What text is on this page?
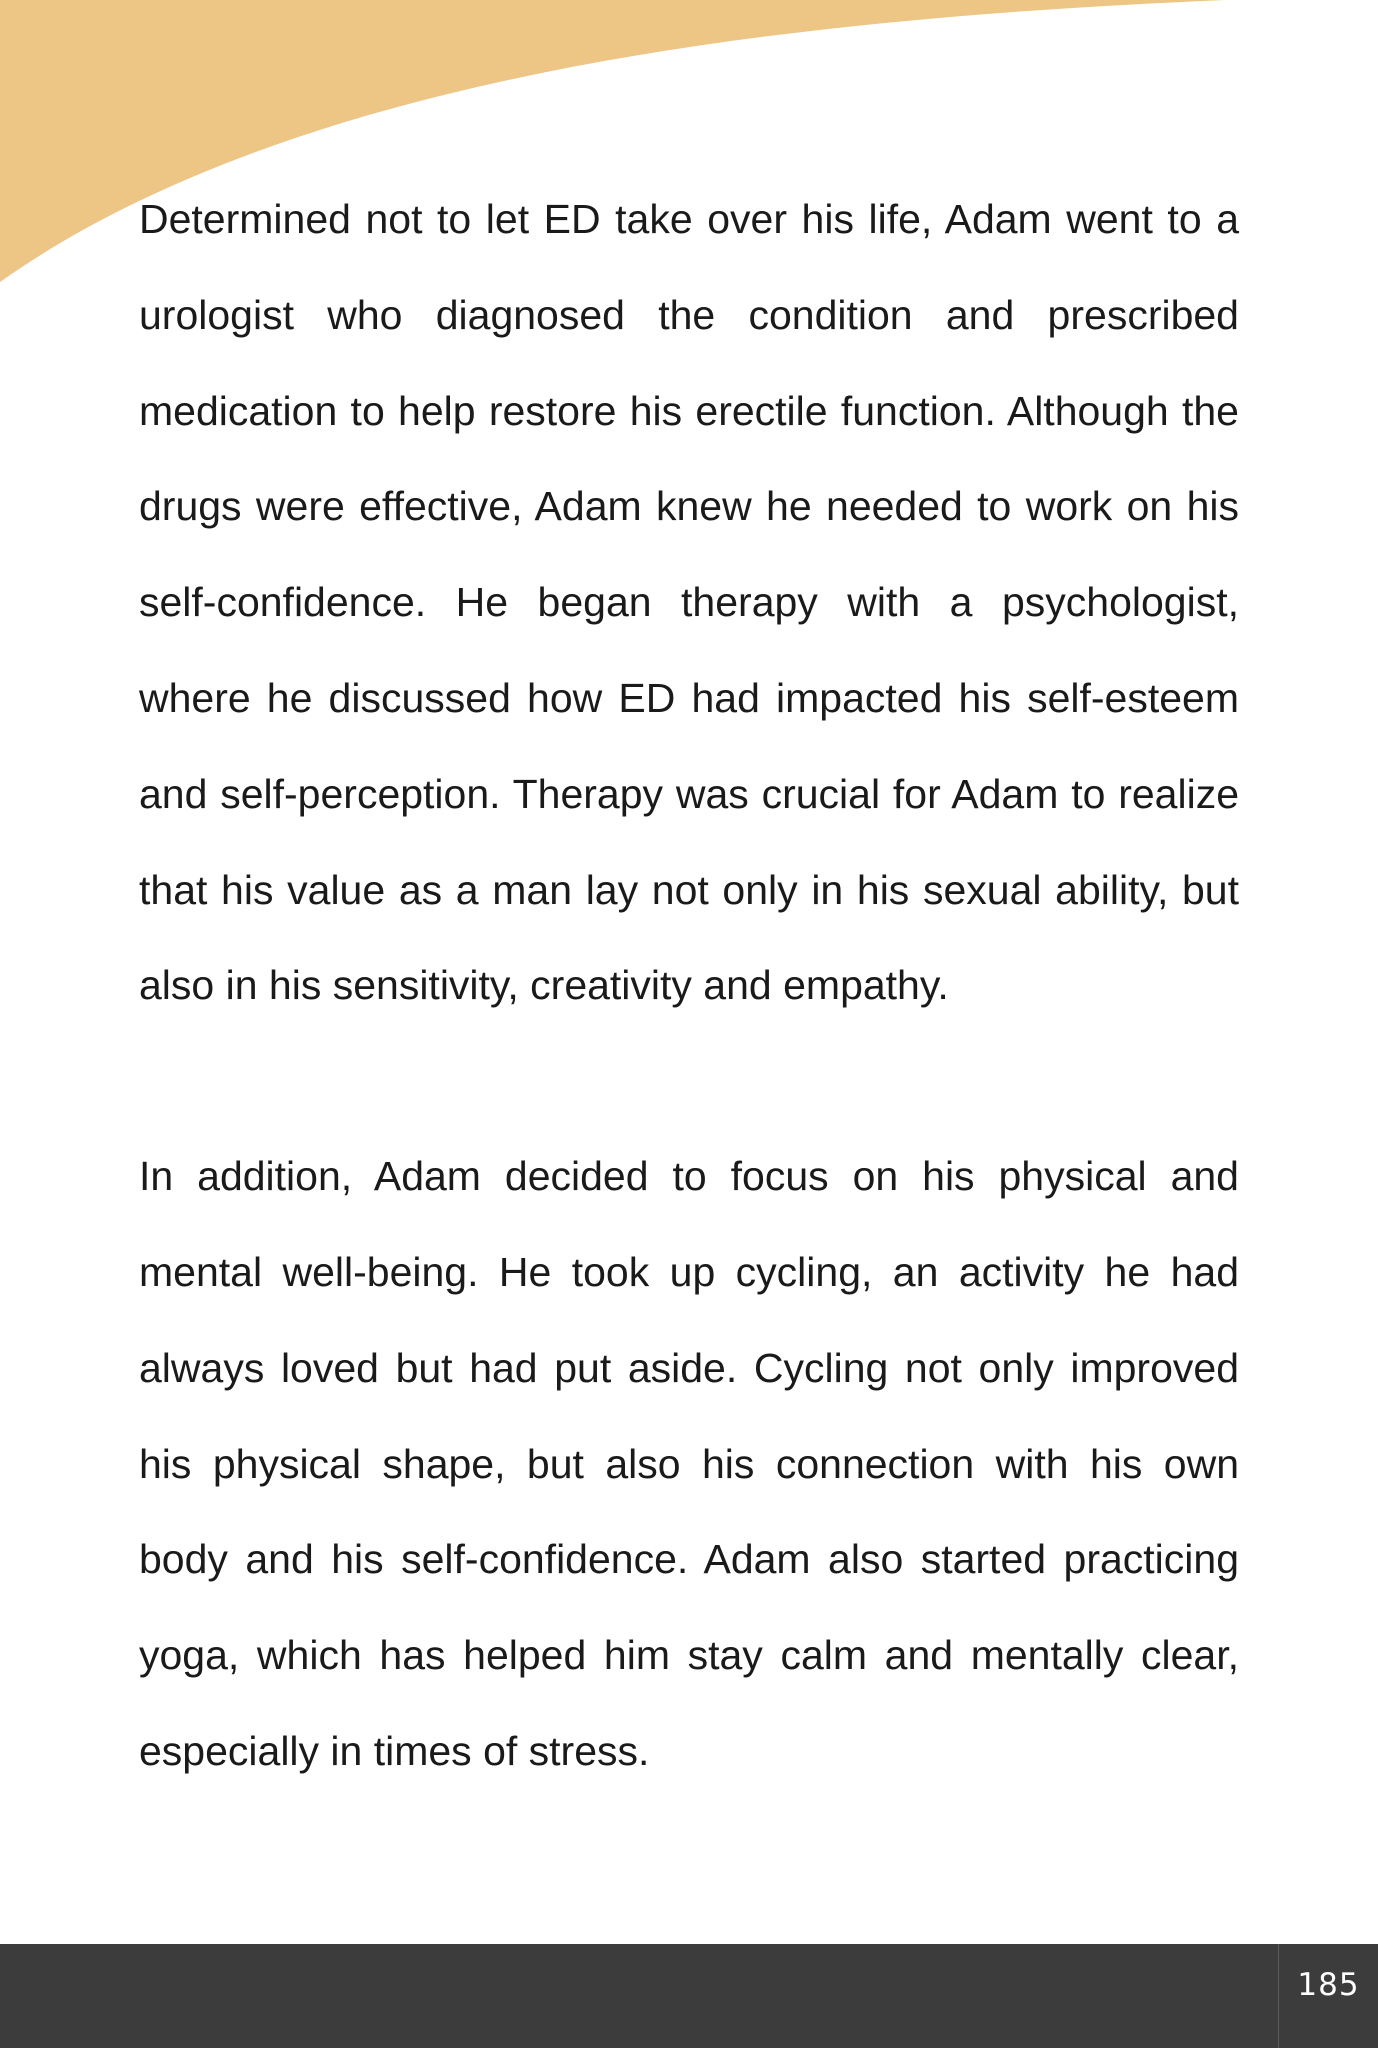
Determined not to let ED take over his life, Adam went to a urologist who diagnosed the condition and prescribed medication to help restore his erectile function. Although the drugs were effective, Adam knew he needed to work on his self-confidence. He began therapy with a psychologist, where he discussed how ED had impacted his self-esteem and self-perception. Therapy was crucial for Adam to realize that his value as a man lay not only in his sexual ability, but also in his sensitivity, creativity and empathy.

In addition, Adam decided to focus on his physical and mental well-being. He took up cycling, an activity he had always loved but had put aside. Cycling not only improved his physical shape, but also his connection with his own body and his self-confidence. Adam also started practicing yoga, which has helped him stay calm and mentally clear, especially in times of stress.

185
